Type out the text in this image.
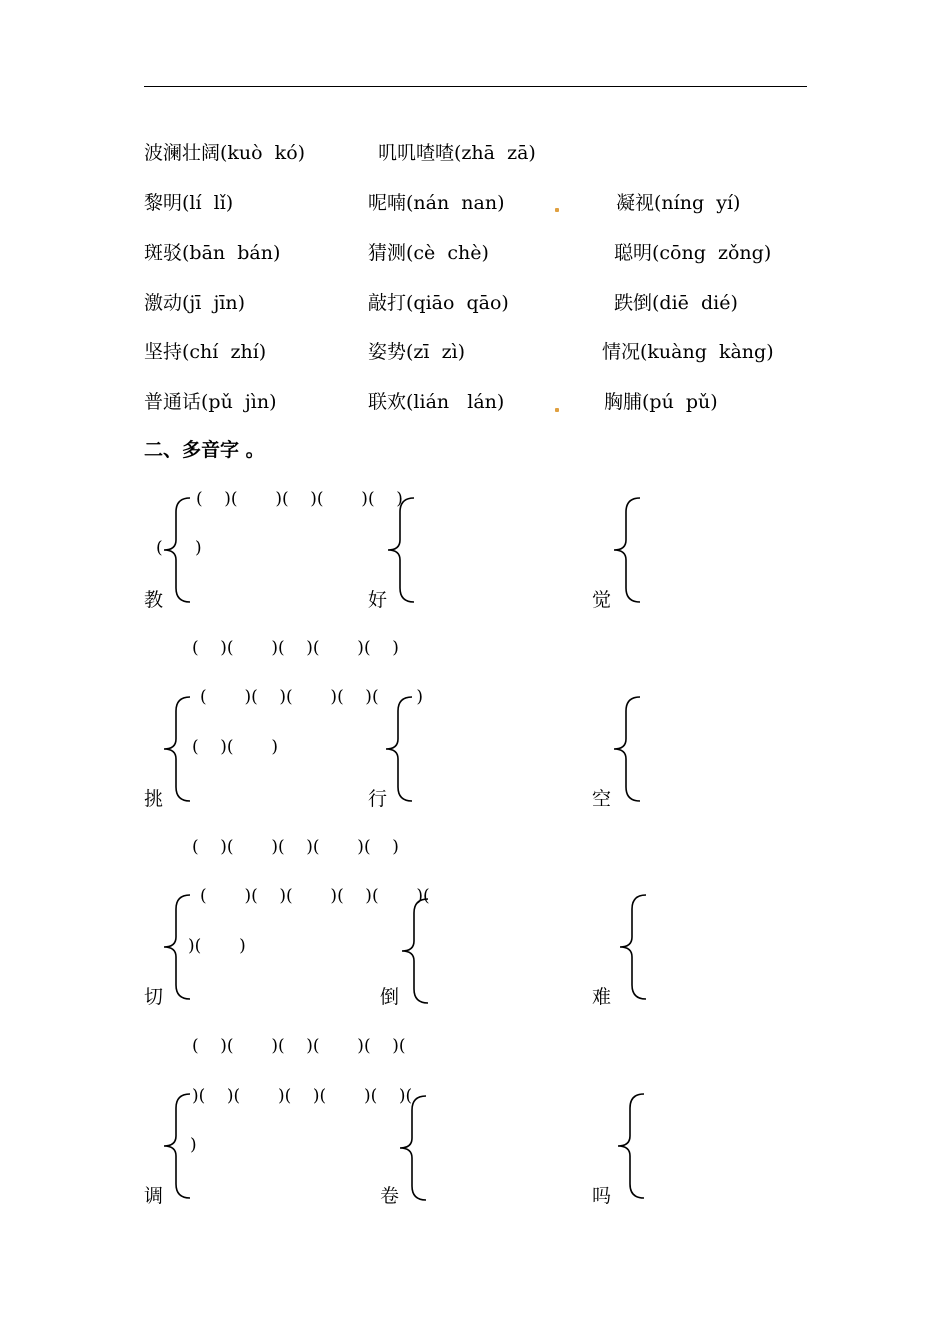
波澜壮阔(kuò  kó)	叽叽喳喳(zhā  zā)
黎明(lí  lǐ)	呢喃(nán  nan)	凝视(níng  yí)
斑驳(bān  bán)	猜测(cè  chè)	聪明(cōng  zǒng)
激动(jī  jīn)	敲打(qiāo  qāo)	跌倒(diē  dié)
坚持(chí  zhí)	姿势(zī  zì)	情况(kuàng  kàng)
普通话(pǔ  jìn)	联欢(lián   lán)	胸脯(pú  pǔ)
二、多音字 。
(    )(       )(    )(       )(    )
(      )
(    )(       )(    )(       )(    )
(       )(    )(       )(    )(       )
(    )(       )
(    )(       )(    )(       )(    )
(       )(    )(       )(    )(       )(
)(       )
(    )(       )(    )(       )(    )(
)(    )(       )(    )(       )(    )(
)
教	好	觉
挑	行	空
切	倒	难
调	卷	吗
